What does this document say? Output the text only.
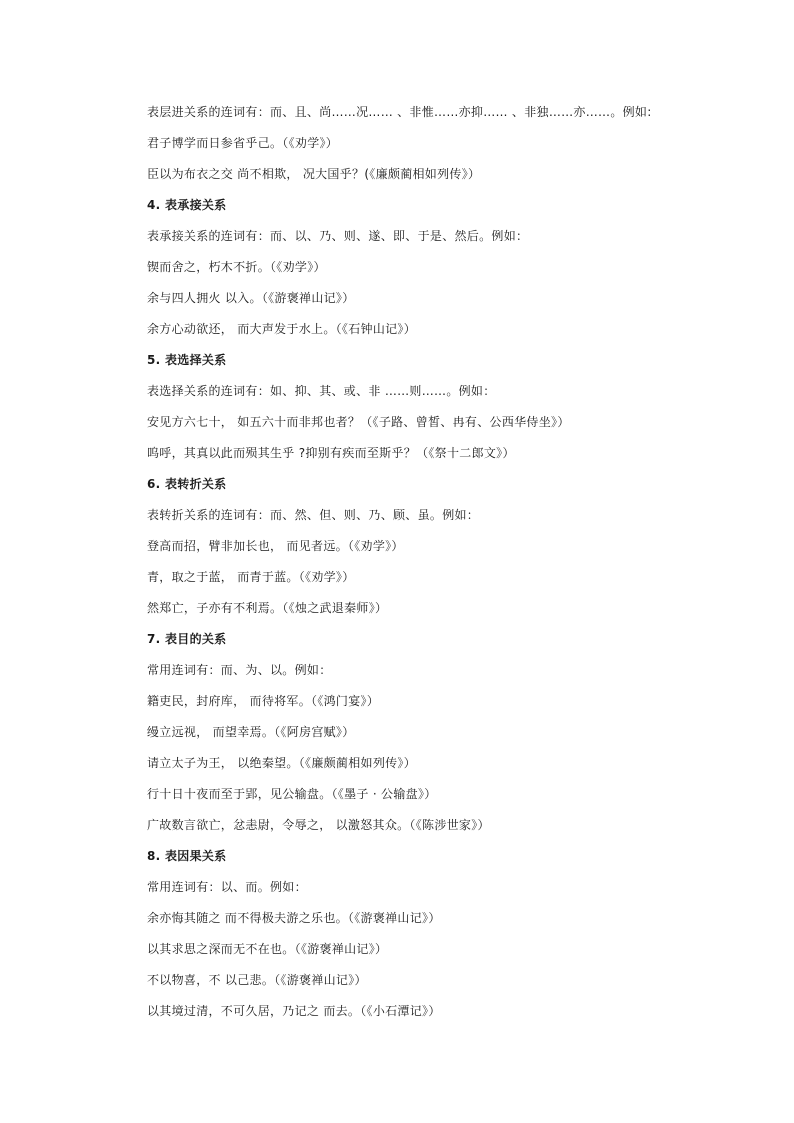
表层进关系的连词有：而、且、尚……况…… 、非惟……亦抑…… 、非独……亦……。例如:
君子博学而日参省乎己。（《劝学》）
臣以为布衣之交 尚不相欺， 况大国乎？(《廉颇蔺相如列传》）
4. 表承接关系
表承接关系的连词有：而、以、乃、则、遂、即、于是、然后。例如：
锲而舍之，朽木不折。（《劝学》）
余与四人拥火 以入。（《游褒禅山记》）
余方心动欲还， 而大声发于水上。（《石钟山记》）
5. 表选择关系
表选择关系的连词有：如、抑、其、或、非 ……则……。例如：
安见方六七十， 如五六十而非邦也者？（《子路、曾皙、冉有、公西华侍坐》）
呜呼，其真以此而殒其生乎 ?抑别有疾而至斯乎？（《祭十二郎文》）
6. 表转折关系
表转折关系的连词有：而、然、但、则、乃、顾、虽。例如：
登高而招，臂非加长也， 而见者远。（《劝学》）
青，取之于蓝， 而青于蓝。（《劝学》）
然郑亡，子亦有不利焉。（《烛之武退秦师》）
7. 表目的关系
常用连词有：而、为、以。例如：
籍吏民，封府库， 而待将军。（《鸿门宴》）
缦立远视， 而望幸焉。（《阿房宫赋》）
请立太子为王， 以绝秦望。（《廉颇蔺相如列传》）
行十日十夜而至于郢，见公输盘。（《墨子 · 公输盘》）
广故数言欲亡，忿恚尉，令辱之， 以激怒其众。（《陈涉世家》）
8. 表因果关系
常用连词有：以、而。例如：
余亦悔其随之 而不得极夫游之乐也。（《游褒禅山记》）
以其求思之深而无不在也。（《游褒禅山记》）
不以物喜，不 以己悲。（《游褒禅山记》）
以其境过清，不可久居，乃记之 而去。（《小石潭记》）
